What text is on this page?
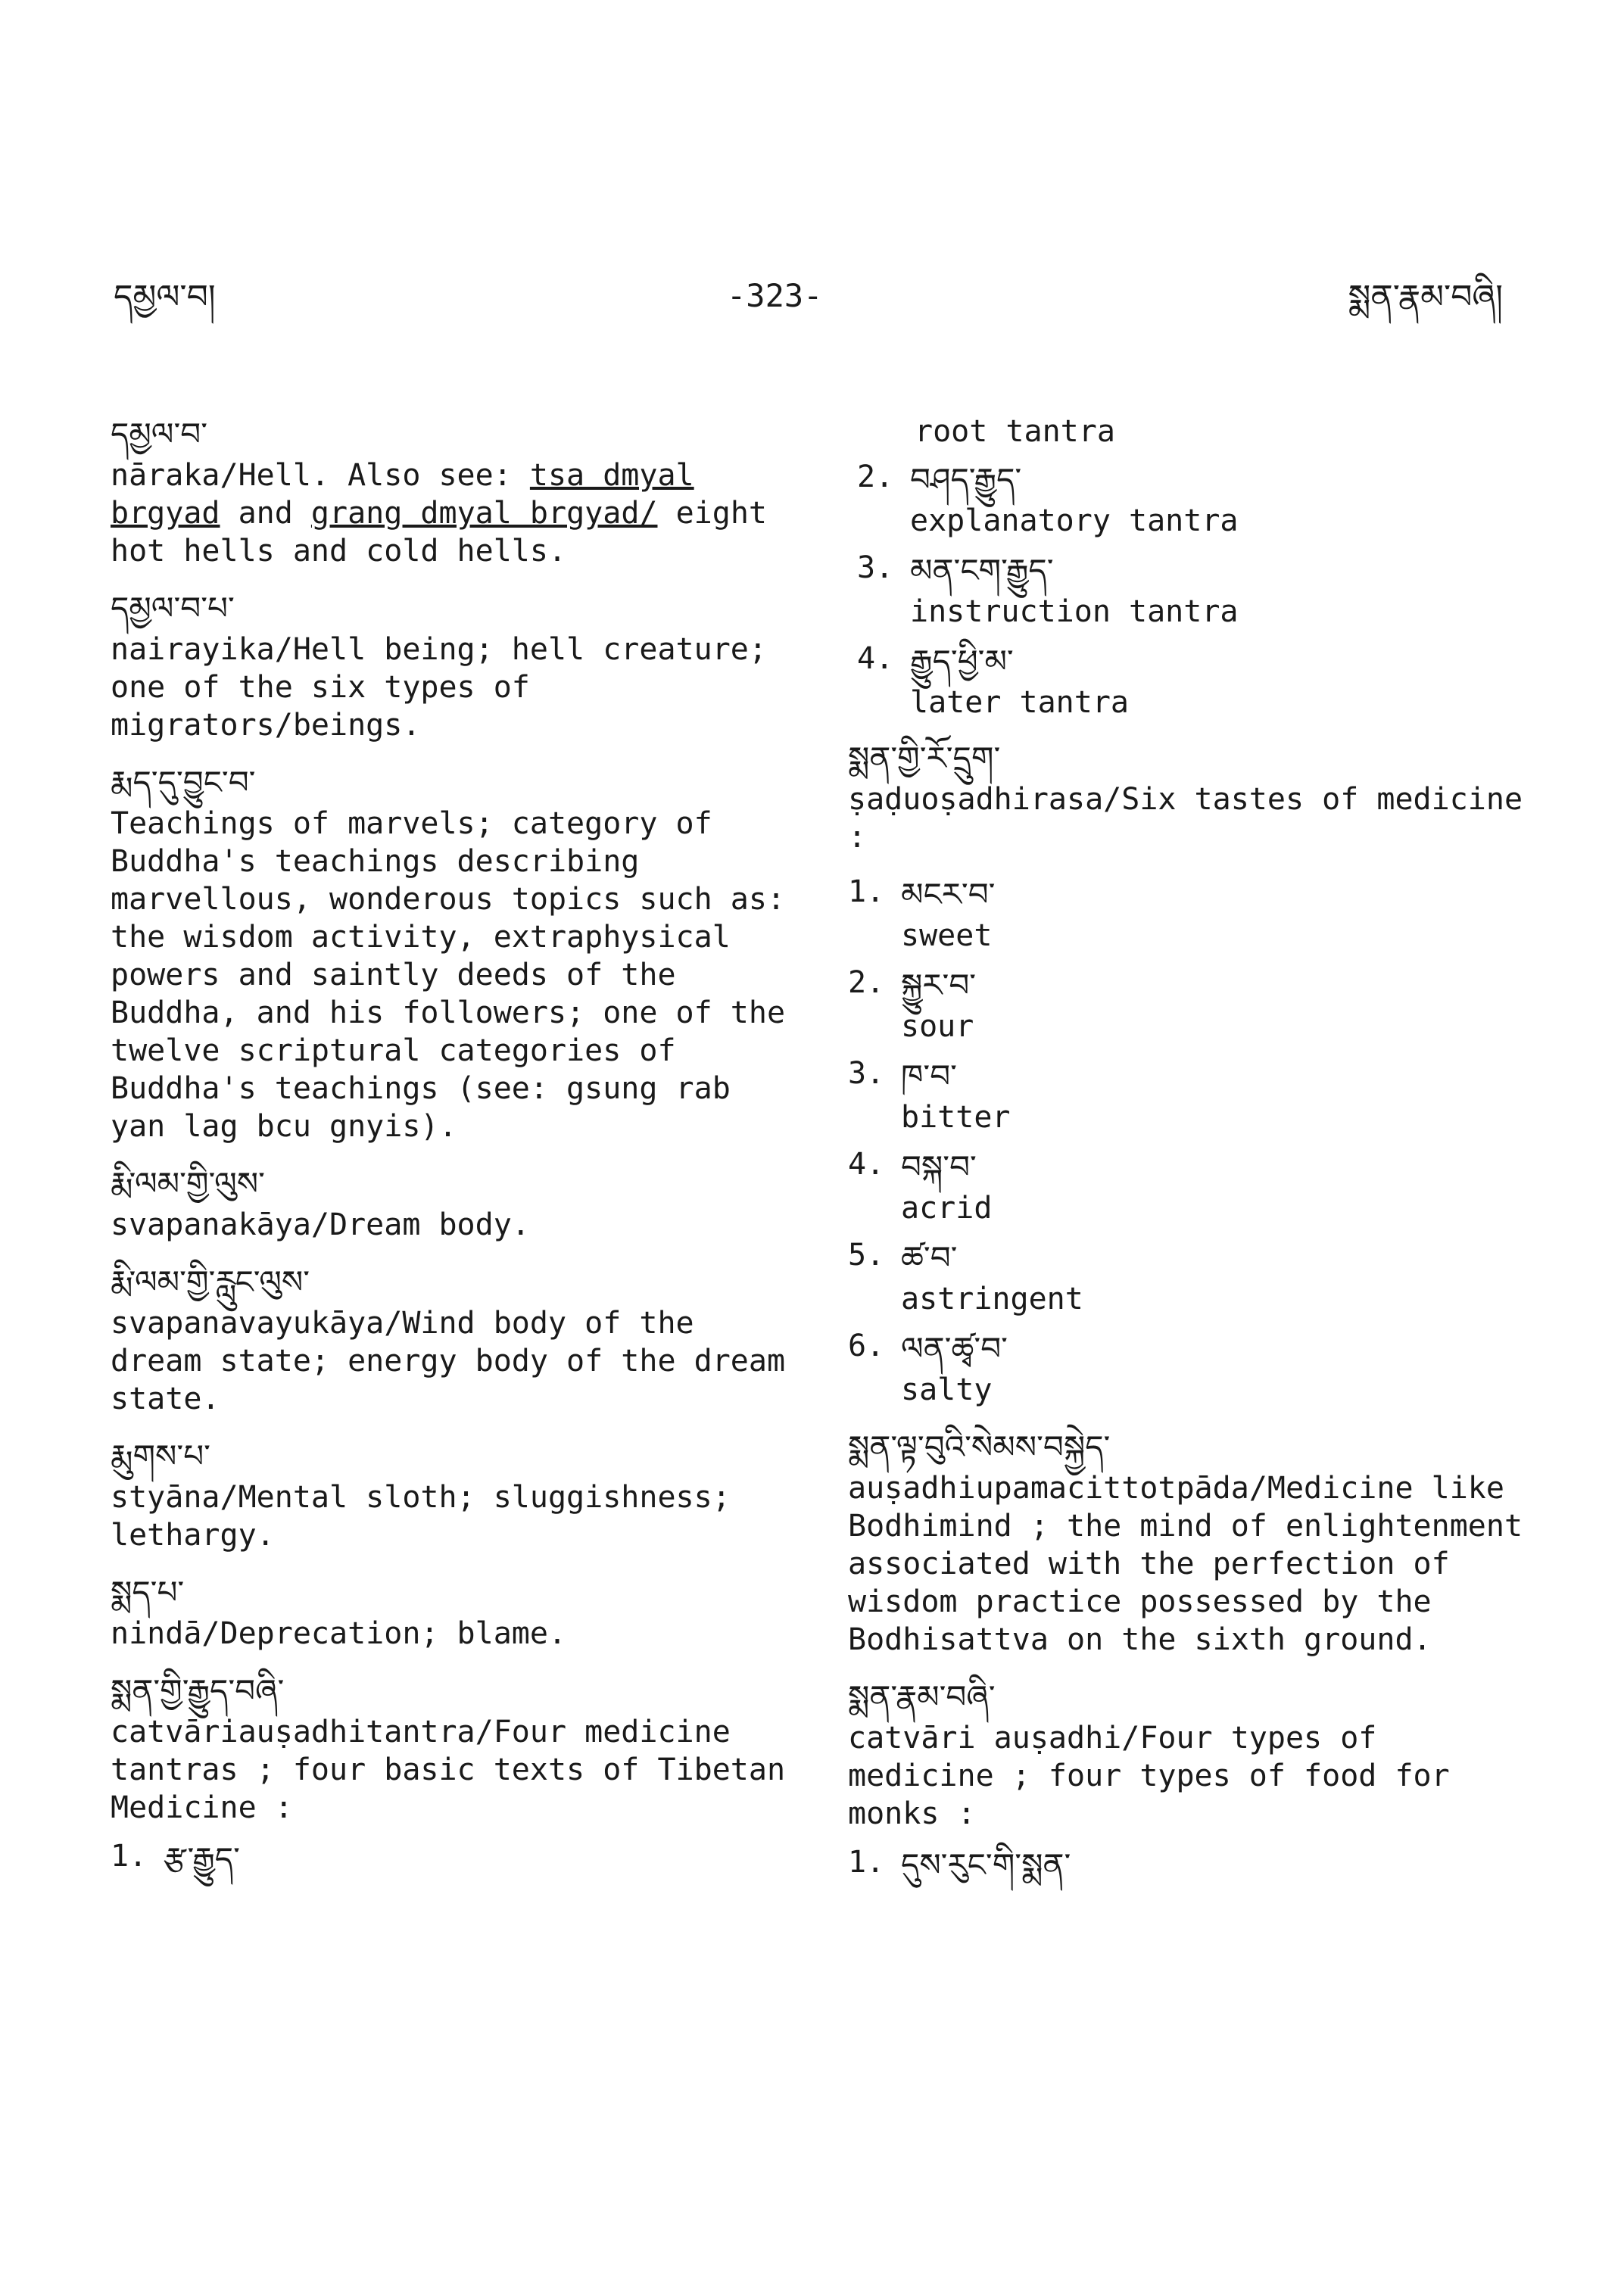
དམྱལ་བ།	-323-	སྨན་རྣམ་བཞི།
དམྱལ་བ་
nāraka/Hell. Also see: tsa dmyal brgyad and grang dmyal brgyad/ eight hot hells and cold hells.
དམྱལ་བ་པ་
nairayika/Hell being; hell creature; one of the six types of migrators/beings.
རྨད་དུ་བྱུང་བ་
Teachings of marvels; category of Buddha's teachings describing marvellous, wonderous topics such as: the wisdom activity, extraphysical powers and saintly deeds of the Buddha, and his followers; one of the twelve scriptural categories of Buddha's teachings (see: gsung rab yan lag bcu gnyis).
རྨི་ལམ་གྱི་ལུས་
svapanakāya/Dream body.
རྨི་ལམ་གྱི་རླུང་ལུས་
svapanavayukāya/Wind body of the dream state; energy body of the dream state.
རྨུགས་པ་
styāna/Mental sloth; sluggishness; lethargy.
སྨད་པ་
nindā/Deprecation; blame.
སྨན་གྱི་རྒྱུད་བཞི་
catvāriauṣadhitantra/Four medicine tantras ; four basic texts of Tibetan Medicine :
1. རྩ་རྒྱུད་
root tantra
2. བཤད་རྒྱུད་
explanatory tantra
3. མན་ངག་རྒྱུད་
instruction tantra
4. རྒྱུད་ཕྱི་མ་
later tantra
སྨན་གྱི་རོ་དྲུག་
ṣaḍuoṣadhirasa/Six tastes of medicine :
1. མངར་བ་
sweet
2. སྐྱུར་བ་
sour
3. ཁ་བ་
bitter
4. བསྐ་བ་
acrid
5. ཚ་བ་
astringent
6. ལན་ཚྭ་བ་
salty
སྨན་ལྟ་བུའི་སེམས་བསྐྱེད་
auṣadhiupamacittotpāda/Medicine like Bodhimind ; the mind of enlightenment associated with the perfection of wisdom practice possessed by the Bodhisattva on the sixth ground.
སྨན་རྣམ་བཞི་
catvāri auṣadhi/Four types of medicine ; four types of food for monks :
1. དུས་རུང་གི་སྨན་
